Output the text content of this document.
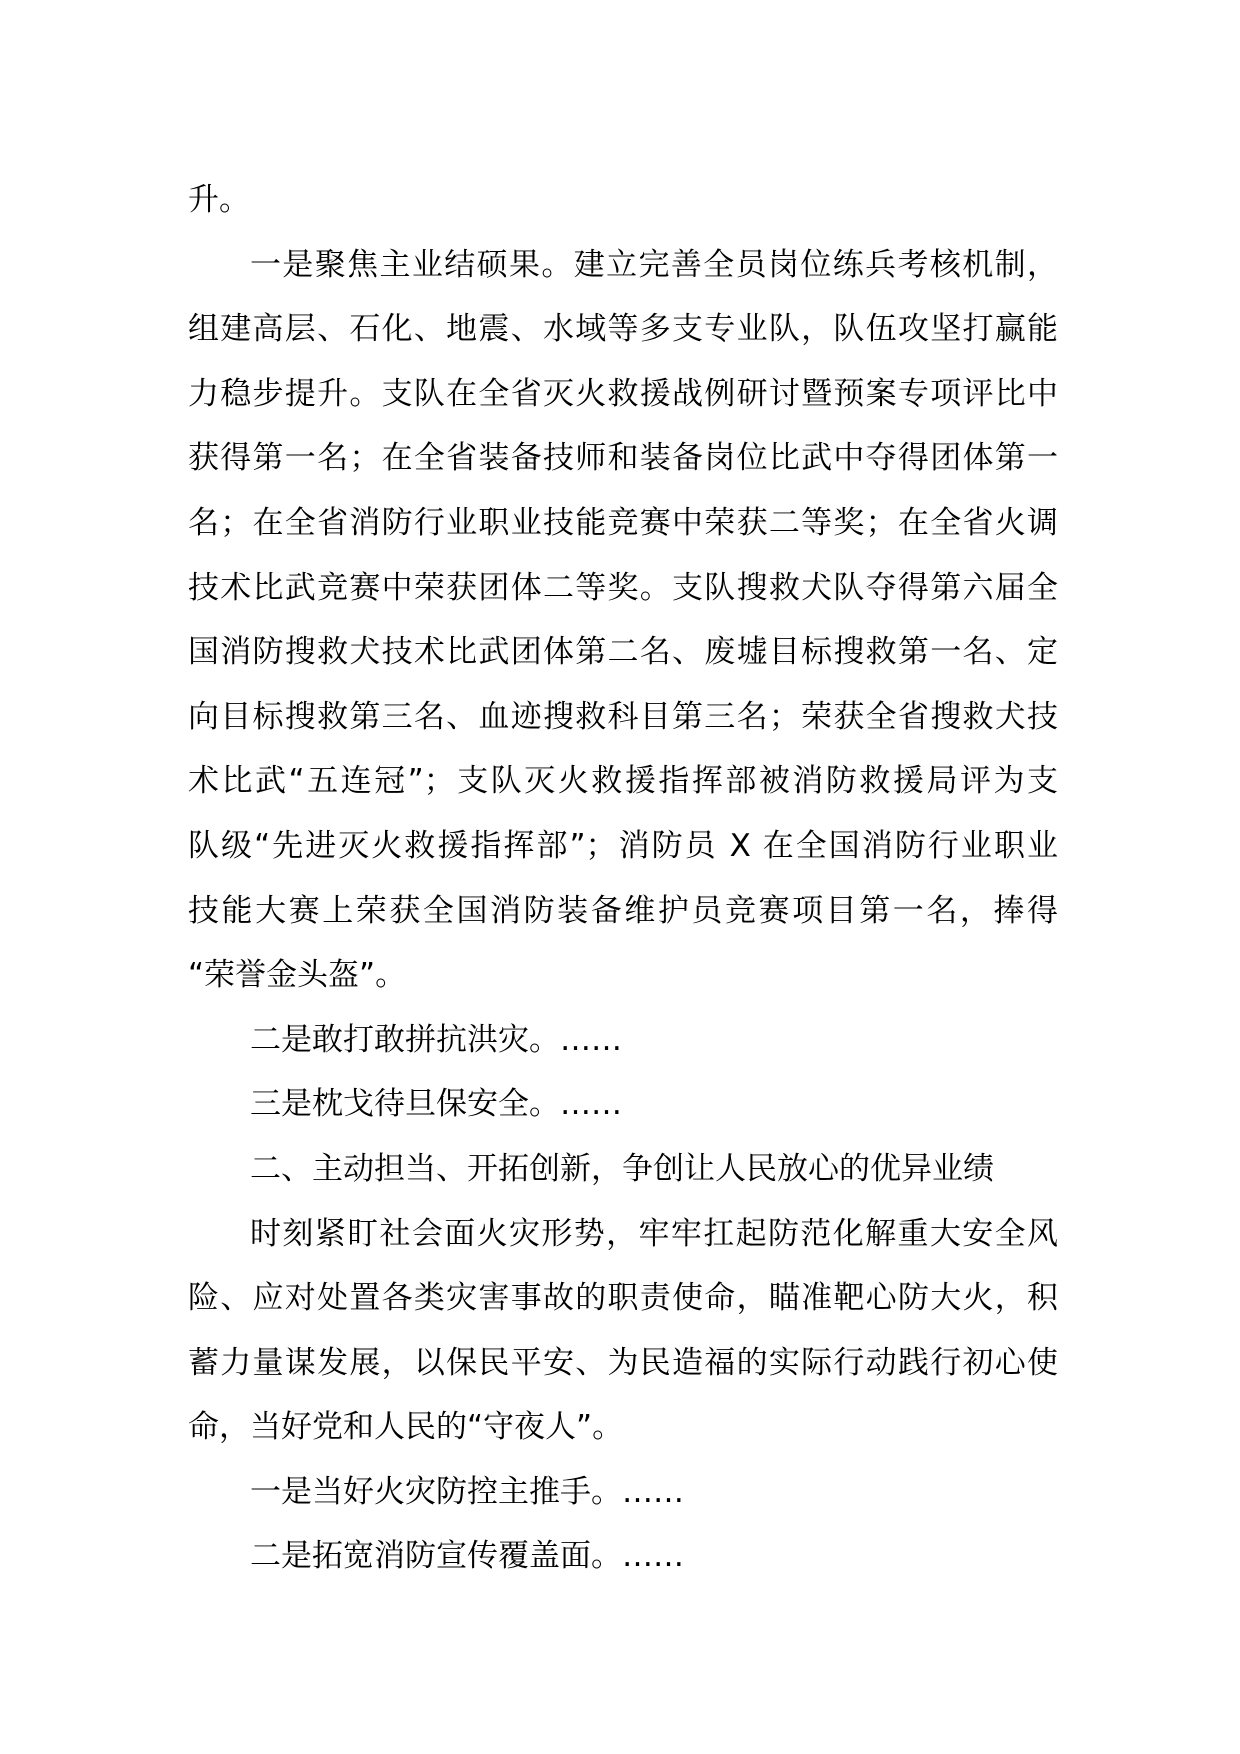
升。
一是聚焦主业结硕果。建立完善全员岗位练兵考核机制，
组建高层、石化、地震、水域等多支专业队，队伍攻坚打赢能
力稳步提升。支队在全省灭火救援战例研讨暨预案专项评比中
获得第一名；在全省装备技师和装备岗位比武中夺得团体第一
名；在全省消防行业职业技能竞赛中荣获二等奖；在全省火调
技术比武竞赛中荣获团体二等奖。支队搜救犬队夺得第六届全
国消防搜救犬技术比武团体第二名、废墟目标搜救第一名、定
向目标搜救第三名、血迹搜救科目第三名；荣获全省搜救犬技
术比武“五连冠”；支队灭火救援指挥部被消防救援局评为支
队级“先进灭火救援指挥部”；消防员 X 在全国消防行业职业
技能大赛上荣获全国消防装备维护员竞赛项目第一名，捧得
“荣誉金头盔”。
二是敢打敢拼抗洪灾。……
三是枕戈待旦保安全。……
二、主动担当、开拓创新，争创让人民放心的优异业绩
时刻紧盯社会面火灾形势，牢牢扛起防范化解重大安全风
险、应对处置各类灾害事故的职责使命，瞄准靶心防大火，积
蓄力量谋发展，以保民平安、为民造福的实际行动践行初心使
命，当好党和人民的“守夜人”。
一是当好火灾防控主推手。……
二是拓宽消防宣传覆盖面。……
